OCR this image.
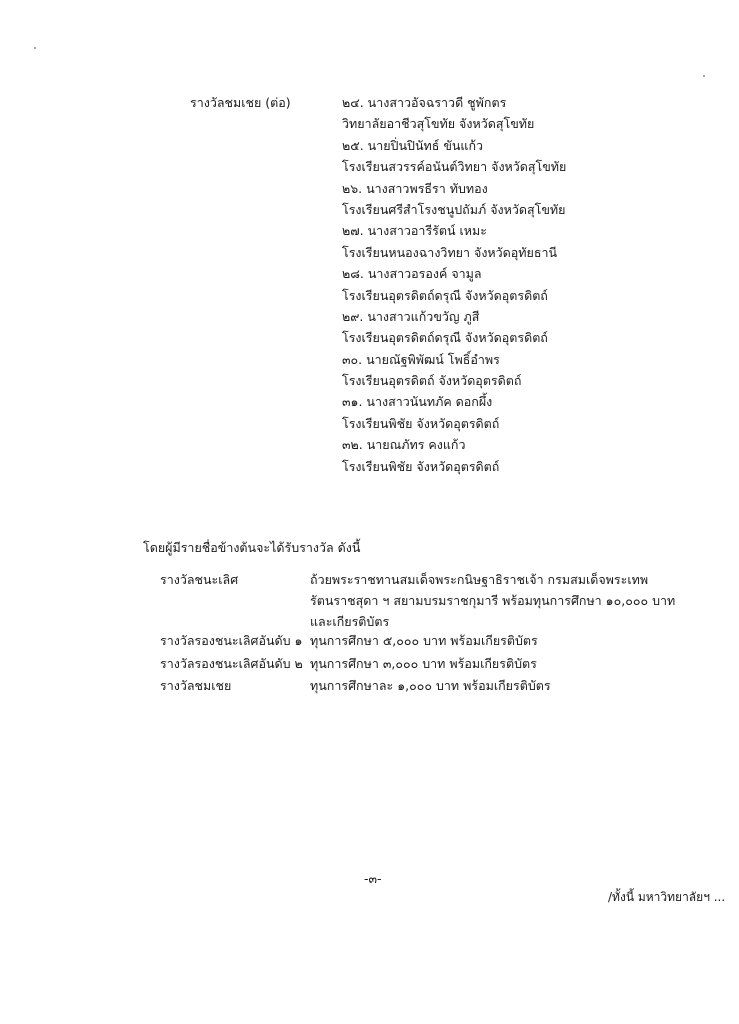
รางวัลชมเชย (ต่อ)	๒๔. นางสาวอัจฉราวดี ชูพักตร
วิทยาลัยอาชีวสุโขทัย จังหวัดสุโขทัย
๒๕. นายปิ่นปินัทธ์ ขันแก้ว
โรงเรียนสวรรค์อนันต์วิทยา จังหวัดสุโขทัย
๒๖. นางสาวพรธีรา ทับทอง
โรงเรียนศรีสำโรงชนูปถัมภ์ จังหวัดสุโขทัย
๒๗. นางสาวอารีรัตน์ เหมะ
โรงเรียนหนองฉางวิทยา จังหวัดอุทัยธานี
๒๘. นางสาวอรองค์ จามูล
โรงเรียนอุตรดิตถ์ดรุณี จังหวัดอุตรดิตถ์
๒๙. นางสาวแก้วขวัญ ภูสี
โรงเรียนอุตรดิตถ์ดรุณี จังหวัดอุตรดิตถ์
๓๐. นายณัฐพิพัฒน์ โพธิ์อำพร
โรงเรียนอุตรดิตถ์ จังหวัดอุตรดิตถ์
๓๑. นางสาวนันทภัค ดอกผึ้ง
โรงเรียนพิชัย จังหวัดอุตรดิตถ์
๓๒. นายณภัทร คงแก้ว
โรงเรียนพิชัย จังหวัดอุตรดิตถ์
โดยผู้มีรายชื่อข้างต้นจะได้รับรางวัล ดังนี้
รางวัลชนะเลิศ	ถ้วยพระราชทานสมเด็จพระกนิษฐาธิราชเจ้า กรมสมเด็จพระเทพ
รัตนราชสุดา ฯ สยามบรมราชกุมารี พร้อมทุนการศึกษา ๑๐,๐๐๐ บาท
และเกียรติบัตร
รางวัลรองชนะเลิศอันดับ ๑ ทุนการศึกษา ๕,๐๐๐ บาท พร้อมเกียรติบัตร
รางวัลรองชนะเลิศอันดับ ๒ ทุนการศึกษา ๓,๐๐๐ บาท พร้อมเกียรติบัตร
รางวัลชมเชย	ทุนการศึกษาละ ๑,๐๐๐ บาท พร้อมเกียรติบัตร
-๓-
/ทั้งนี้ มหาวิทยาลัยฯ ...
